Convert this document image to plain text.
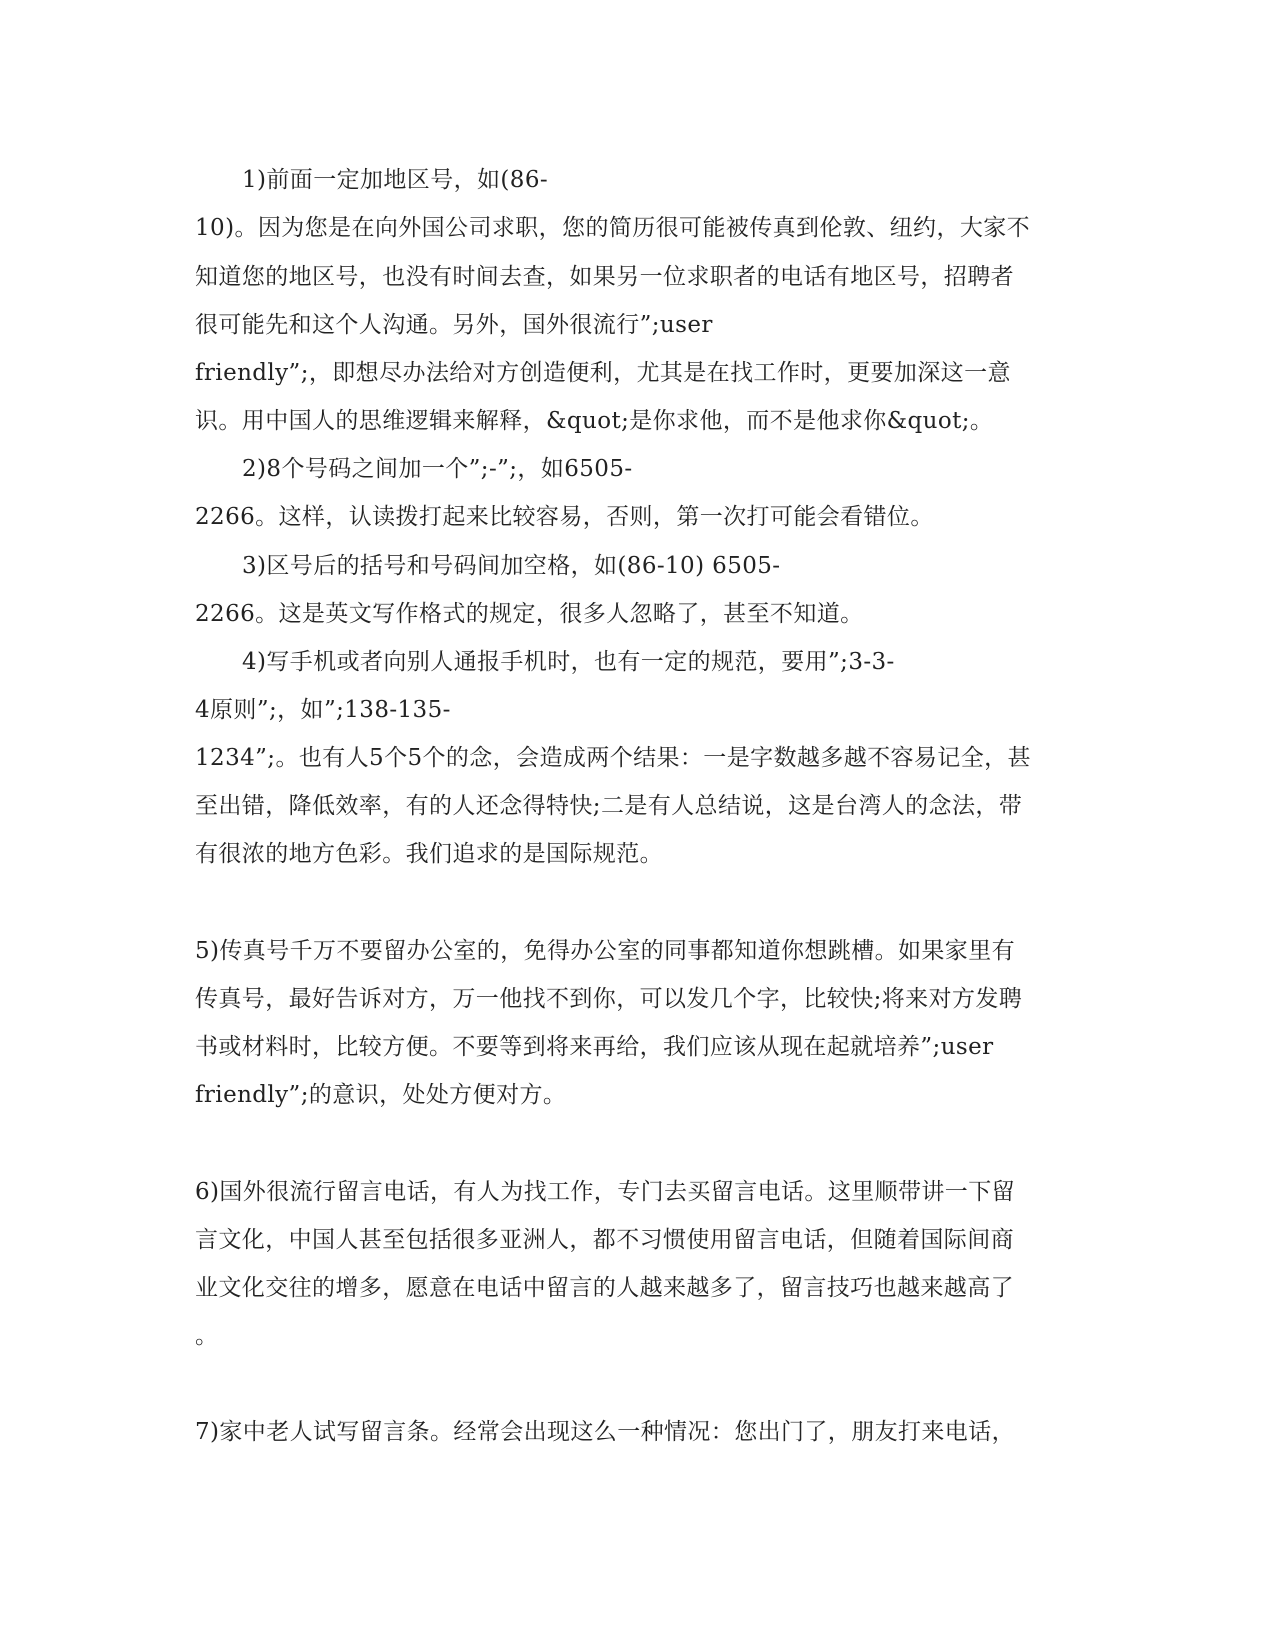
1)前面一定加地区号，如(86-
10)。因为您是在向外国公司求职，您的简历很可能被传真到伦敦、纽约，大家不
知道您的地区号，也没有时间去查，如果另一位求职者的电话有地区号，招聘者
很可能先和这个人沟通。另外，国外很流行”;user
friendly”;，即想尽办法给对方创造便利，尤其是在找工作时，更要加深这一意
识。用中国人的思维逻辑来解释，&quot;是你求他，而不是他求你&quot;。
2)8个号码之间加一个”;-”;，如6505-
2266。这样，认读拨打起来比较容易，否则，第一次打可能会看错位。
3)区号后的括号和号码间加空格，如(86-10) 6505-
2266。这是英文写作格式的规定，很多人忽略了，甚至不知道。
4)写手机或者向别人通报手机时，也有一定的规范，要用”;3-3-
4原则”;，如”;138-135-
1234”;。也有人5个5个的念，会造成两个结果：一是字数越多越不容易记全，甚
至出错，降低效率，有的人还念得特快;二是有人总结说，这是台湾人的念法，带
有很浓的地方色彩。我们追求的是国际规范。
5)传真号千万不要留办公室的，免得办公室的同事都知道你想跳槽。如果家里有
传真号，最好告诉对方，万一他找不到你，可以发几个字，比较快;将来对方发聘
书或材料时，比较方便。不要等到将来再给，我们应该从现在起就培养”;user
friendly”;的意识，处处方便对方。
6)国外很流行留言电话，有人为找工作，专门去买留言电话。这里顺带讲一下留
言文化，中国人甚至包括很多亚洲人，都不习惯使用留言电话，但随着国际间商
业文化交往的增多，愿意在电话中留言的人越来越多了，留言技巧也越来越高了
。
7)家中老人试写留言条。经常会出现这么一种情况：您出门了，朋友打来电话，
